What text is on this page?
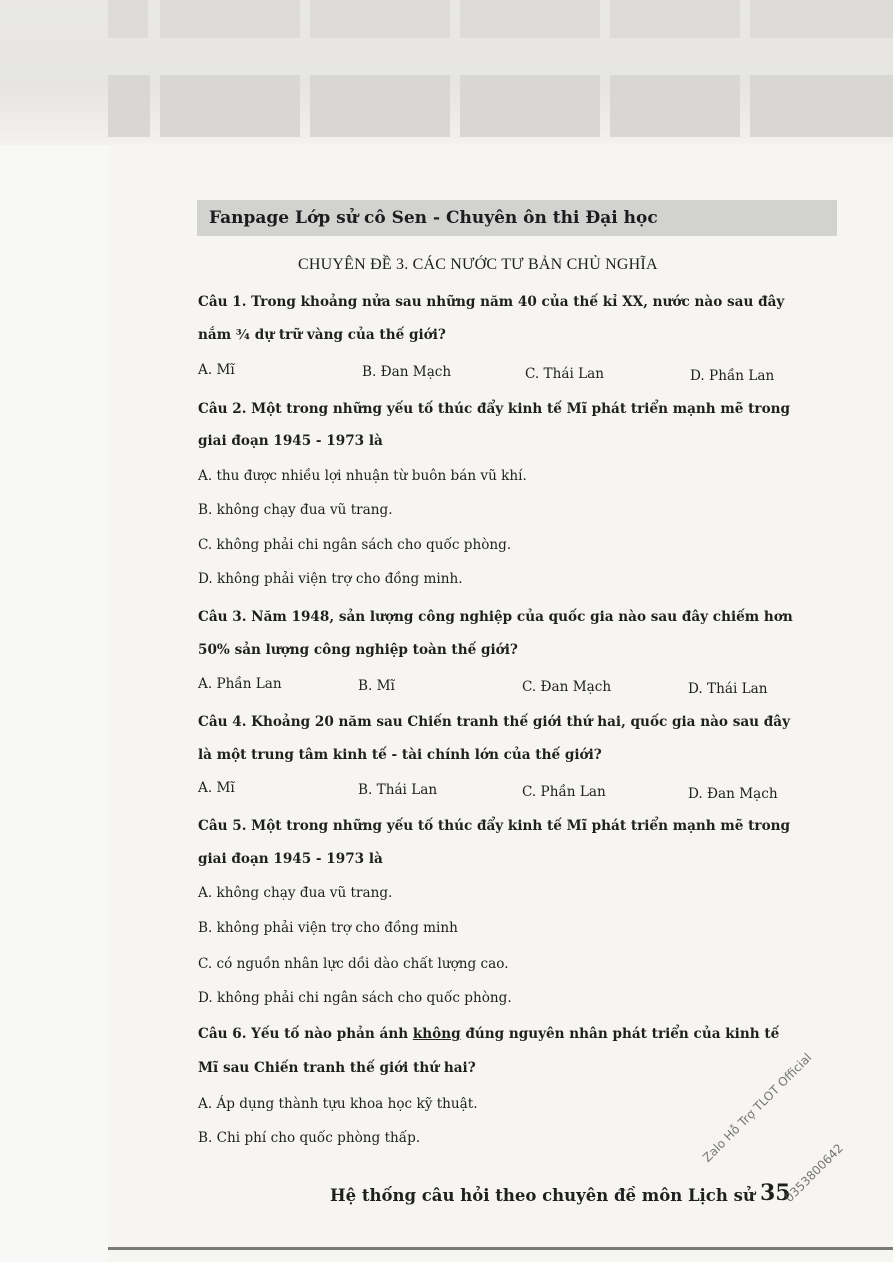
Fanpage Lớp sử cô Sen - Chuyên ôn thi Đại học
CHUYÊN ĐỀ 3. CÁC NƯỚC TƯ BẢN CHỦ NGHĨA
Câu 1. Trong khoảng nửa sau những năm 40 của thế kỉ XX, nước nào sau đây
nắm ¾ dự trữ vàng của thế giới?
A. Mĩ	B. Đan Mạch	C. Thái Lan	D. Phần Lan
Câu 2. Một trong những yếu tố thúc đẩy kinh tế Mĩ phát triển mạnh mẽ trong
giai đoạn 1945 - 1973 là
A. thu được nhiều lợi nhuận từ buôn bán vũ khí.
B. không chạy đua vũ trang.
C. không phải chi ngân sách cho quốc phòng.
D. không phải viện trợ cho đồng minh.
Câu 3. Năm 1948, sản lượng công nghiệp của quốc gia nào sau đây chiếm hơn
50% sản lượng công nghiệp toàn thế giới?
A. Phần Lan	B. Mĩ	C. Đan Mạch	D. Thái Lan
Câu 4. Khoảng 20 năm sau Chiến tranh thế giới thứ hai, quốc gia nào sau đây
là một trung tâm kinh tế - tài chính lớn của thế giới?
A. Mĩ	B. Thái Lan	C. Phần Lan	D. Đan Mạch
Câu 5. Một trong những yếu tố thúc đẩy kinh tế Mĩ phát triển mạnh mẽ trong
giai đoạn 1945 - 1973 là
A. không chạy đua vũ trang.
B. không phải viện trợ cho đồng minh
C. có nguồn nhân lực dồi dào chất lượng cao.
D. không phải chi ngân sách cho quốc phòng.
Câu 6. Yếu tố nào phản ánh không đúng nguyên nhân phát triển của kinh tế
Mĩ sau Chiến tranh thế giới thứ hai?
A. Áp dụng thành tựu khoa học kỹ thuật.
B. Chi phí cho quốc phòng thấp.
Hệ thống câu hỏi theo chuyên đề môn Lịch sử 35
Zalo Hỗ Trợ TLOT Official
0353800642
